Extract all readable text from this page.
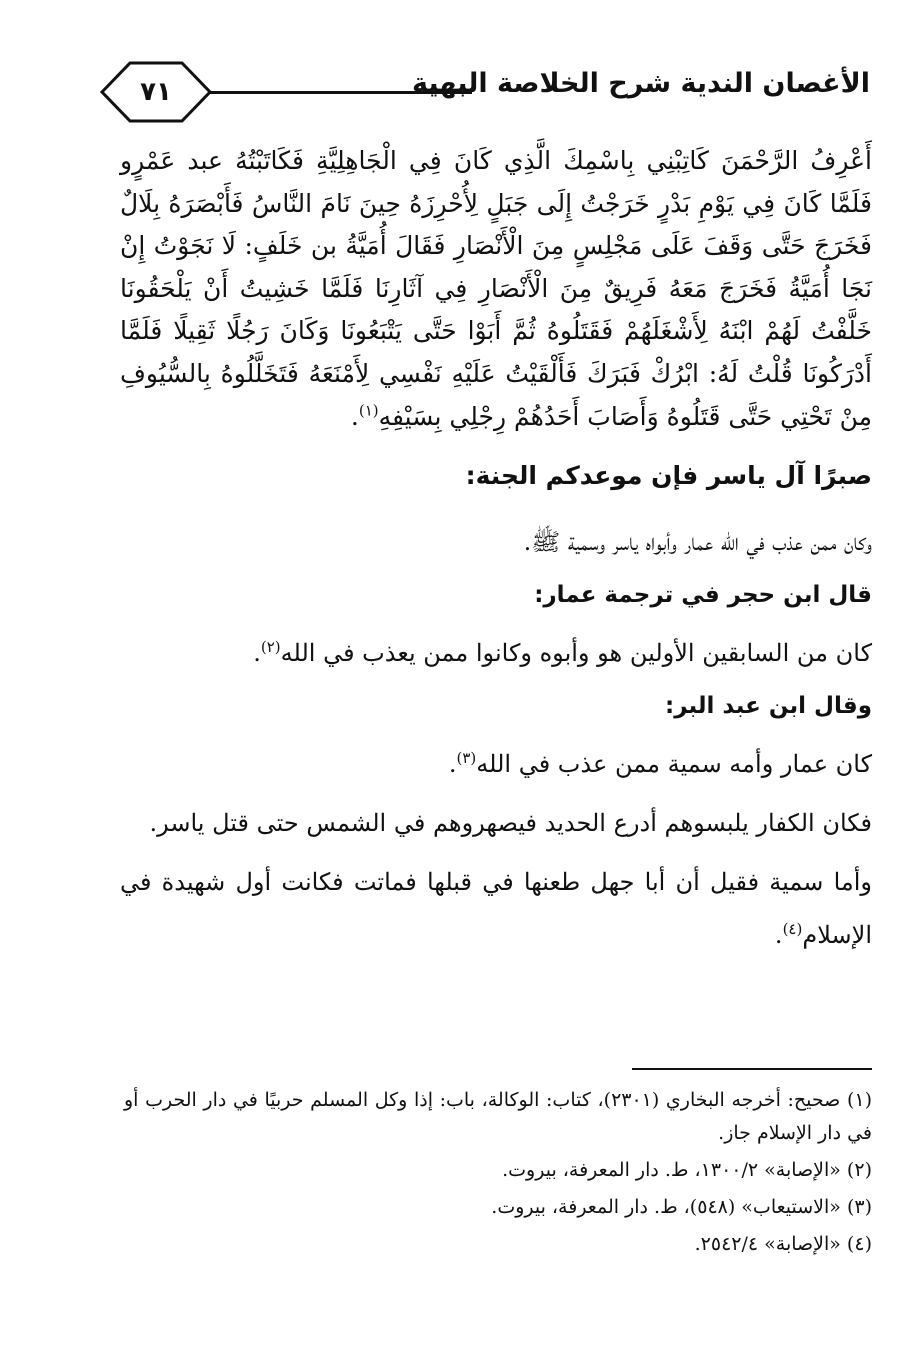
الأغصان الندية شرح الخلاصة البهية
٧١

أَعْرِفُ الرَّحْمَنَ كَاتِبْنِي بِاسْمِكَ الَّذِي كَانَ فِي الْجَاهِلِيَّةِ فَكَاتَبْتُهُ عبد عَمْرٍو فَلَمَّا كَانَ فِي يَوْمِ بَدْرٍ خَرَجْتُ إِلَى جَبَلٍ لِأُحْرِزَهُ حِينَ نَامَ النَّاسُ فَأَبْصَرَهُ بِلَالٌ فَخَرَجَ حَتَّى وَقَفَ عَلَى مَجْلِسٍ مِنَ الْأَنْصَارِ فَقَالَ أُمَيَّةُ بن خَلَفٍ: لَا نَجَوْتُ إِنْ نَجَا أُمَيَّةُ فَخَرَجَ مَعَهُ فَرِيقٌ مِنَ الْأَنْصَارِ فِي آثَارِنَا فَلَمَّا خَشِيتُ أَنْ يَلْحَقُونَا خَلَّفْتُ لَهُمْ ابْنَهُ لِأَشْغَلَهُمْ فَقَتَلُوهُ ثُمَّ أَبَوْا حَتَّى يَتْبَعُونَا وَكَانَ رَجُلًا ثَقِيلًا فَلَمَّا أَدْرَكُونَا قُلْتُ لَهُ: ابْرُكْ فَبَرَكَ فَأَلْقَيْتُ عَلَيْهِ نَفْسِي لِأَمْنَعَهُ فَتَخَلَّلُوهُ بِالسُّيُوفِ مِنْ تَحْتِي حَتَّى قَتَلُوهُ وَأَصَابَ أَحَدُهُمْ رِجْلِي بِسَيْفِهِ$^{(١)}$.

صبرًا آل ياسر فإن موعدكم الجنة:

وكان ممن عذب في الله عمار وأبواه ياسر وسمية ﷺ.

قال ابن حجر في ترجمة عمار:

كان من السابقين الأولين هو وأبوه وكانوا ممن يعذب في الله$^{(٢)}$.

وقال ابن عبد البر:

كان عمار وأمه سمية ممن عذب في الله$^{(٣)}$.

فكان الكفار يلبسوهم أدرع الحديد فيصهروهم في الشمس حتى قتل ياسر.

وأما سمية فقيل أن أبا جهل طعنها في قبلها فماتت فكانت أول شهيدة في الإسلام$^{(٤)}$.

(١) صحيح: أخرجه البخاري (٢٣٠١)، كتاب: الوكالة، باب: إذا وكل المسلم حربيًا في دار الحرب أو في دار الإسلام جاز.

(٢) «الإصابة» ١٣٠٠/٢، ط. دار المعرفة، بيروت.

(٣) «الاستيعاب» (٥٤٨)، ط. دار المعرفة، بيروت.

(٤) «الإصابة» ٢٥٤٢/٤.
